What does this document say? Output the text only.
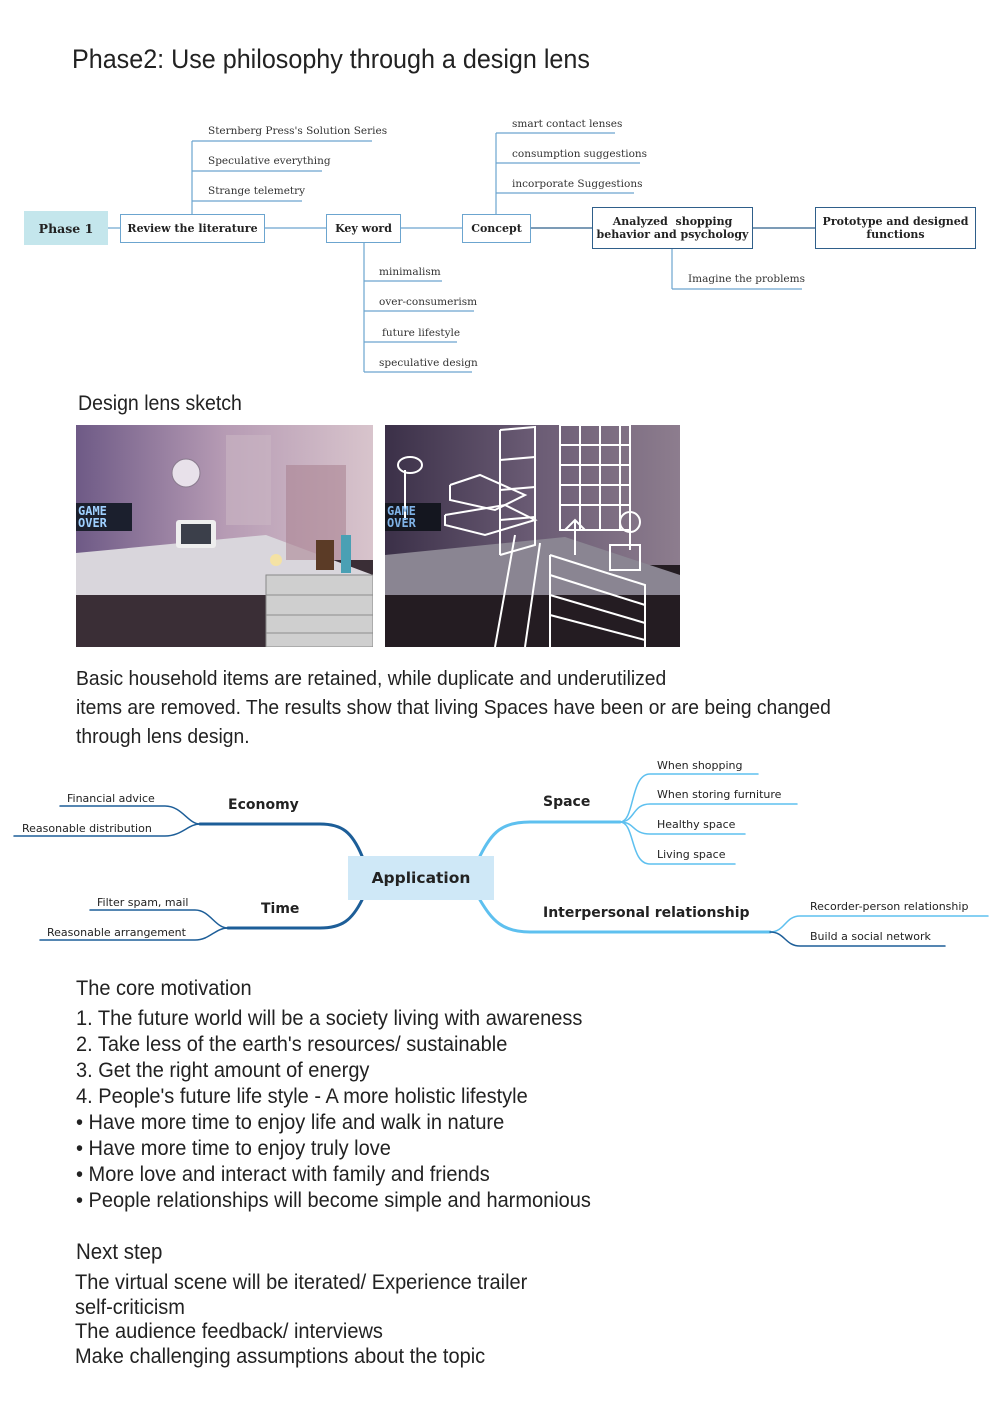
Phase2: Use philosophy through a design lens
Phase 1	Review the literature	Key word	Concept
Analyzed  shopping
behavior and psychology
Prototype and designed
functions
Sternberg Press's Solution Series
Speculative everything
Strange telemetry
smart contact lenses
consumption suggestions
incorporate Suggestions
minimalism
over-consumerism
future lifestyle
speculative design
Imagine the problems
Design lens sketch
GAME
OVER
GAME
OVER
Basic household items are retained, while duplicate and underutilized
items are removed. The results show that living Spaces have been or are being changed
through lens design.
Application
Economy
Financial advice
Reasonable distribution
Time
Filter spam, mail
Reasonable arrangement
Space
When shopping
When storing furniture
Healthy space
Living space
Interpersonal relationship	Recorder-person relationship
Build a social network
The core motivation
1. The future world will be a society living with awareness
2. Take less of the earth's resources/ sustainable
3. Get the right amount of energy
4. People's future life style - A more holistic lifestyle
• Have more time to enjoy life and walk in nature
• Have more time to enjoy truly love
• More love and interact with family and friends
• People relationships will become simple and harmonious
Next step
The virtual scene will be iterated/ Experience trailer
self-criticism
The audience feedback/ interviews
Make challenging assumptions about the topic
